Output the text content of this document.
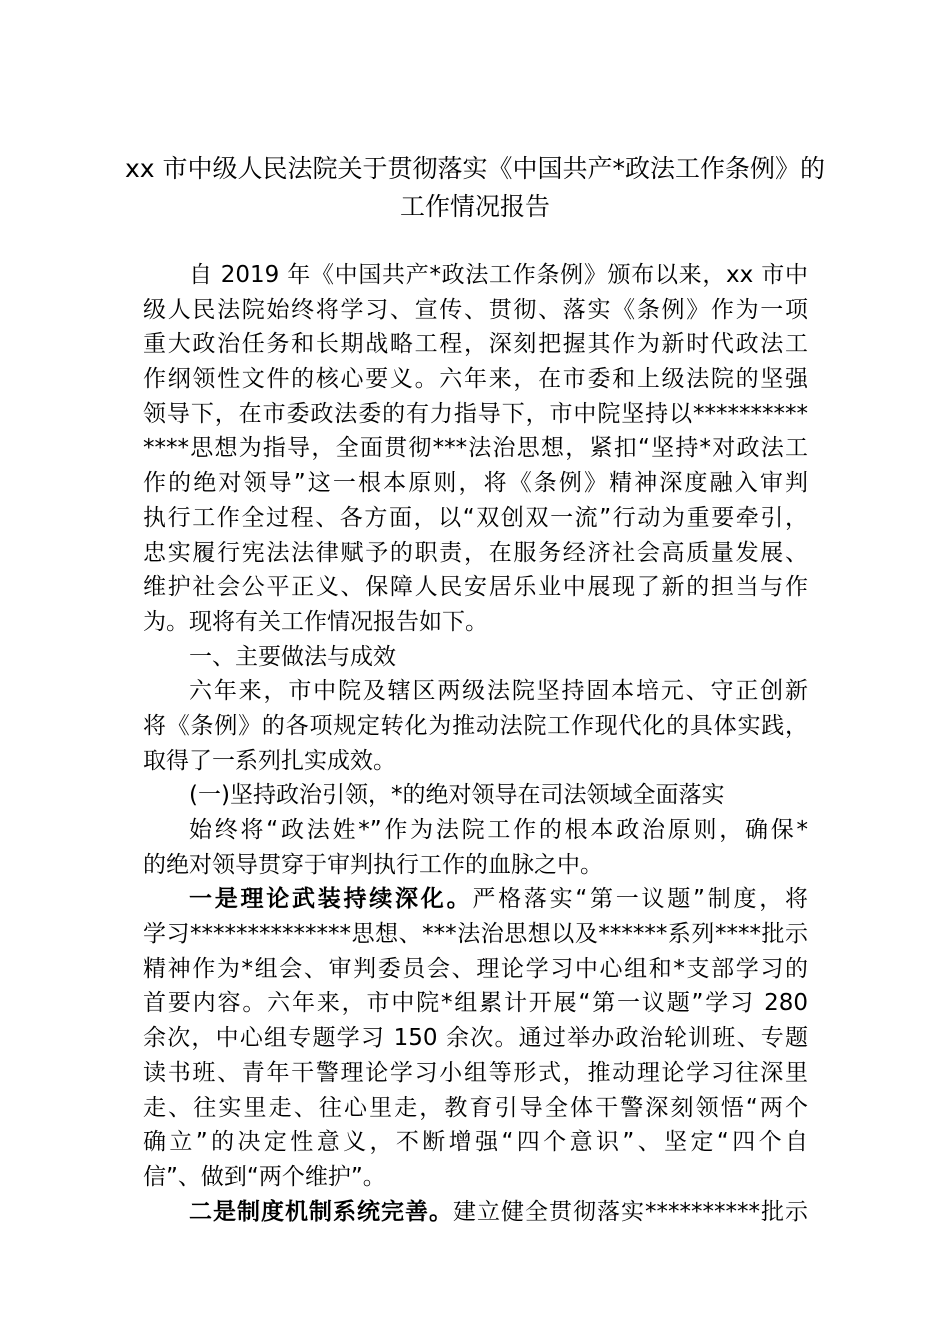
xx 市中级人民法院关于贯彻落实《中国共产*政法工作条例》的
工作情况报告
自 2019 年《中国共产*政法工作条例》颁布以来，xx 市中
级人民法院始终将学习、宣传、贯彻、落实《条例》作为一项
重大政治任务和长期战略工程，深刻把握其作为新时代政法工
作纲领性文件的核心要义。六年来，在市委和上级法院的坚强
领导下，在市委政法委的有力指导下，市中院坚持以**********
****思想为指导，全面贯彻***法治思想，紧扣“坚持*对政法工
作的绝对领导”这一根本原则，将《条例》精神深度融入审判
执行工作全过程、各方面，以“双创双一流”行动为重要牵引，
忠实履行宪法法律赋予的职责，在服务经济社会高质量发展、
维护社会公平正义、保障人民安居乐业中展现了新的担当与作
为。现将有关工作情况报告如下。
一、主要做法与成效
六年来，市中院及辖区两级法院坚持固本培元、守正创新
将《条例》的各项规定转化为推动法院工作现代化的具体实践，
取得了一系列扎实成效。
(一)坚持政治引领，*的绝对领导在司法领域全面落实
始终将“政法姓*”作为法院工作的根本政治原则，确保*
的绝对领导贯穿于审判执行工作的血脉之中。
一是理论武装持续深化。严格落实“第一议题”制度，将
学习**************思想、***法治思想以及******系列****批示
精神作为*组会、审判委员会、理论学习中心组和*支部学习的
首要内容。六年来，市中院*组累计开展“第一议题”学习 280
余次，中心组专题学习 150 余次。通过举办政治轮训班、专题
读书班、青年干警理论学习小组等形式，推动理论学习往深里
走、往实里走、往心里走，教育引导全体干警深刻领悟“两个
确立”的决定性意义，不断增强“四个意识”、坚定“四个自
信”、做到“两个维护”。
二是制度机制系统完善。建立健全贯彻落实**********批示
